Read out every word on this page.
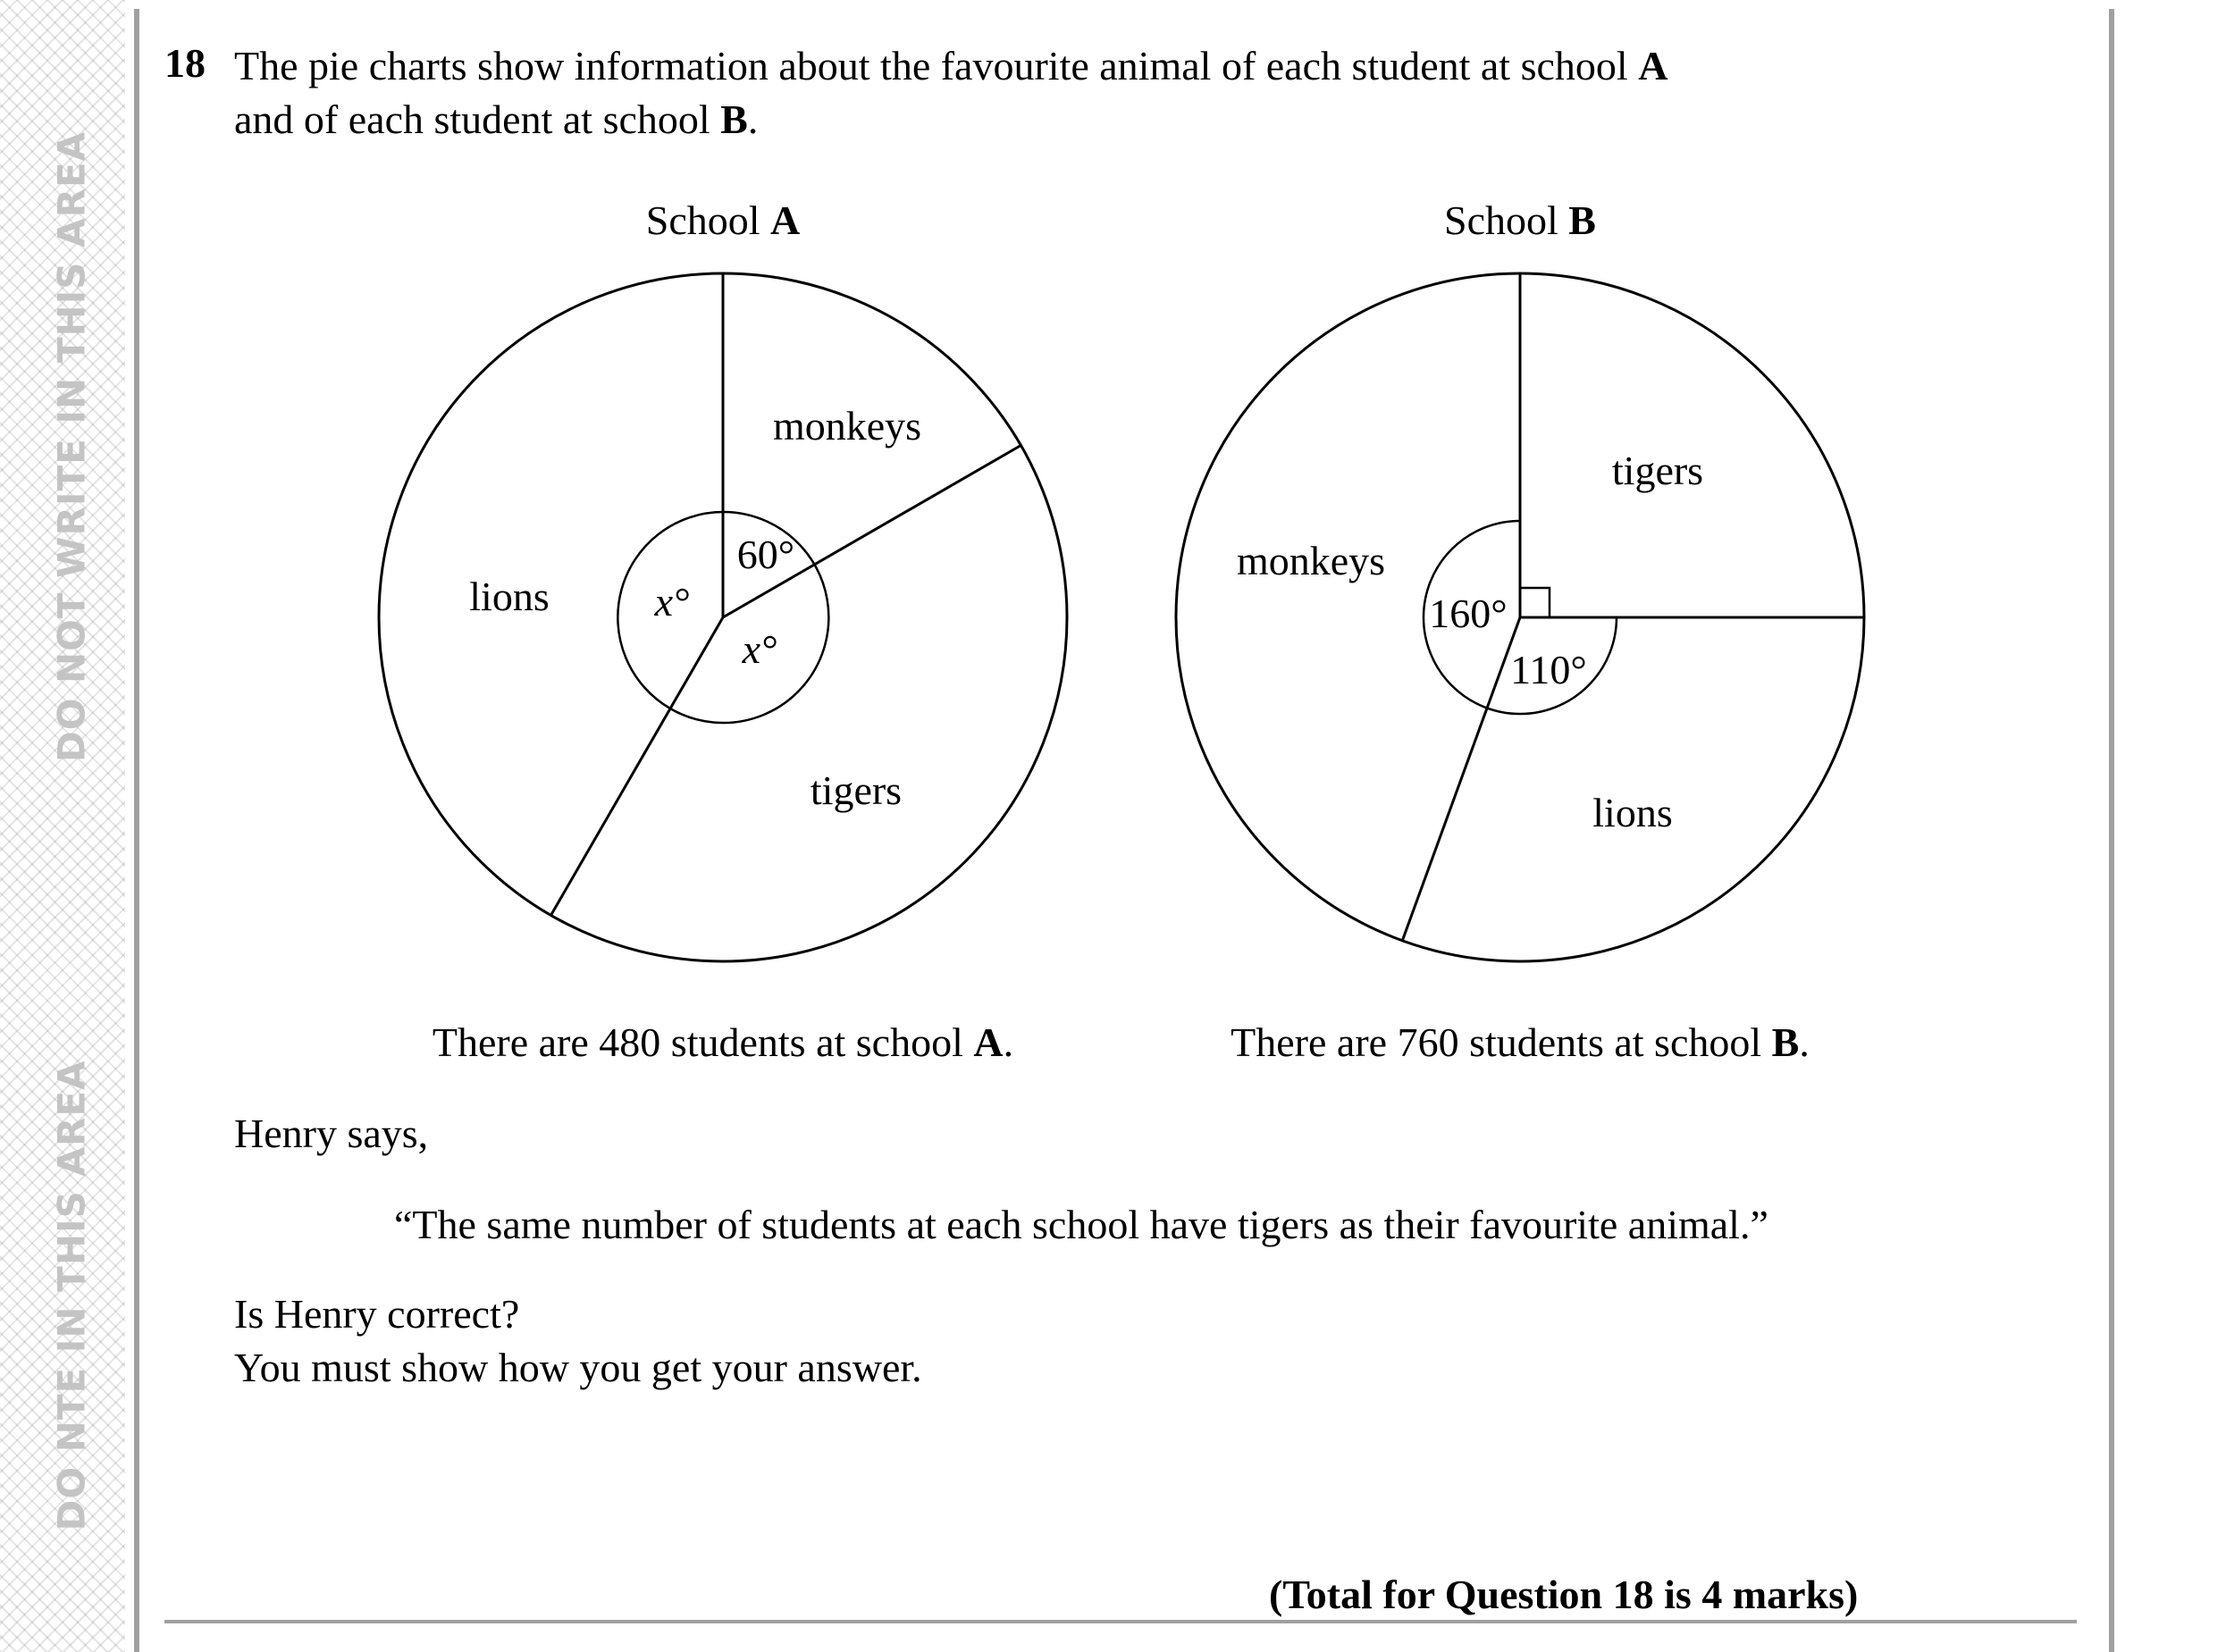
DO NOT WRITE IN THIS AREA
DO NTE IN THIS AREA
18 The pie charts show information about the favourite animal of each student at school A
and of each student at school B.
School A	School B
monkeys
tigers
lions
60°
x°
x°
tigers
lions
monkeys
110°
160°
There are 480 students at school A.	There are 760 students at school B.
Henry says,
“The same number of students at each school have tigers as their favourite animal.”
Is Henry correct?
You must show how you get your answer.
(Total for Question 18 is 4 marks)
